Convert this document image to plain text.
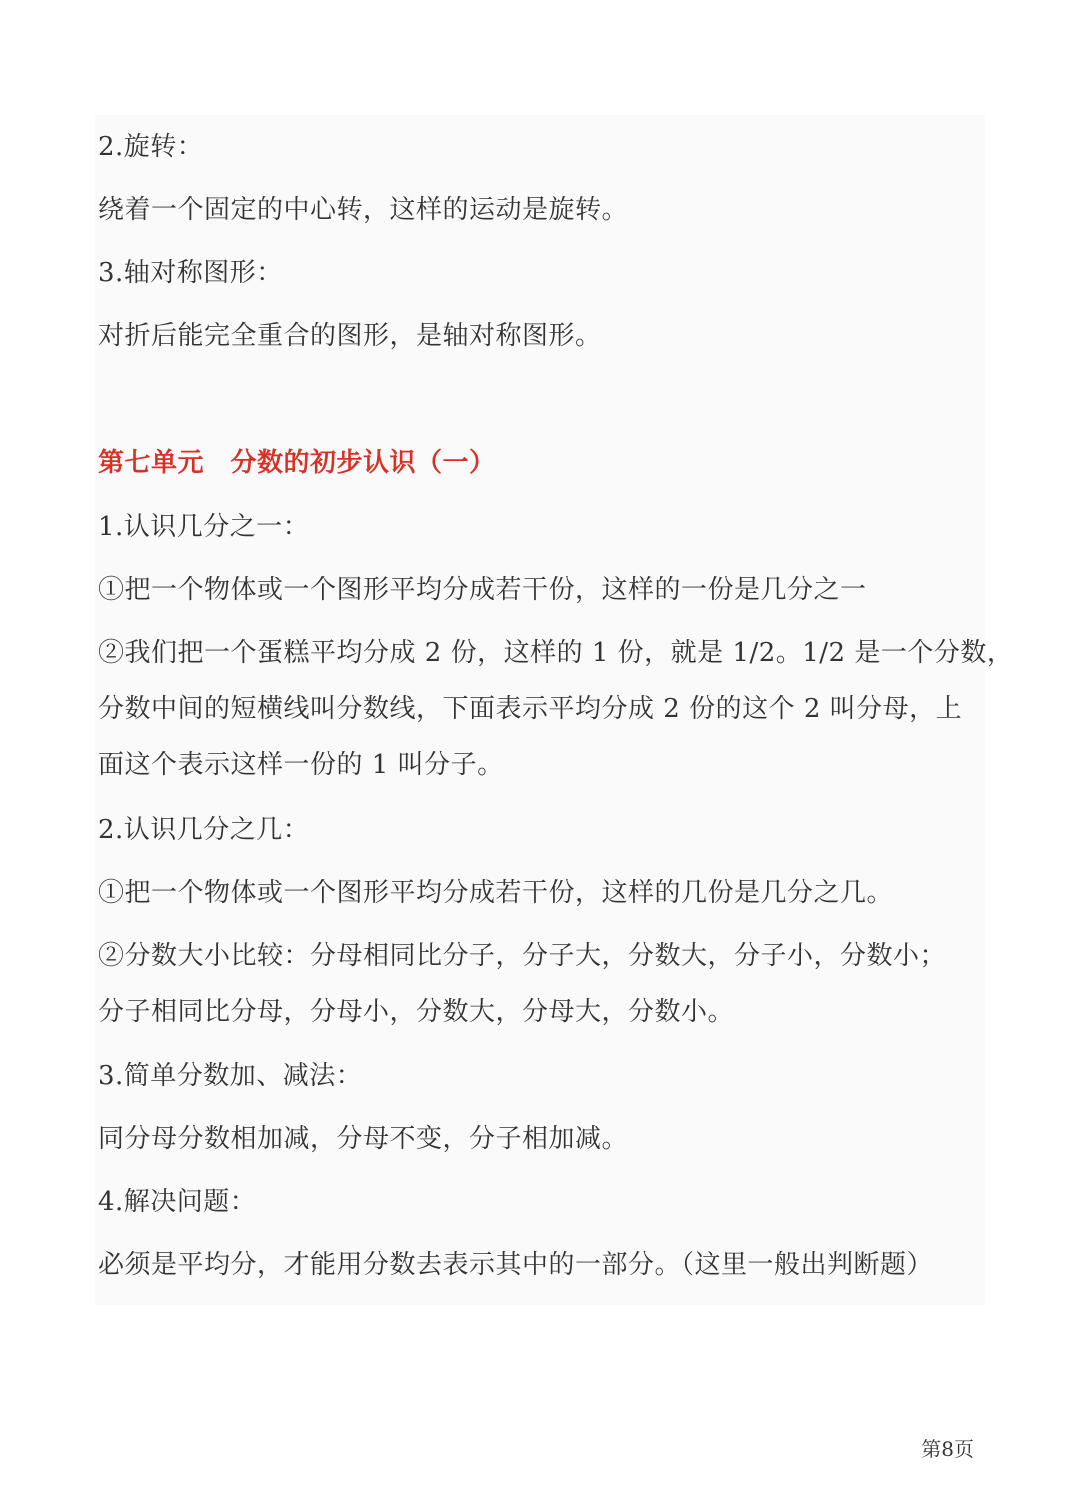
2.旋转：
绕着一个固定的中心转，这样的运动是旋转。
3.轴对称图形：
对折后能完全重合的图形，是轴对称图形。
第七单元　分数的初步认识（一）
1.认识几分之一：
①把一个物体或一个图形平均分成若干份，这样的一份是几分之一
②我们把一个蛋糕平均分成 2 份，这样的 1 份，就是 1/2。1/2 是一个分数，
分数中间的短横线叫分数线，下面表示平均分成 2 份的这个 2 叫分母，上
面这个表示这样一份的 1 叫分子。
2.认识几分之几：
①把一个物体或一个图形平均分成若干份，这样的几份是几分之几。
②分数大小比较：分母相同比分子，分子大，分数大，分子小，分数小；
分子相同比分母，分母小，分数大，分母大，分数小。
3.简单分数加、减法：
同分母分数相加减，分母不变，分子相加减。
4.解决问题：
必须是平均分，才能用分数去表示其中的一部分。（这里一般出判断题）
第8页
